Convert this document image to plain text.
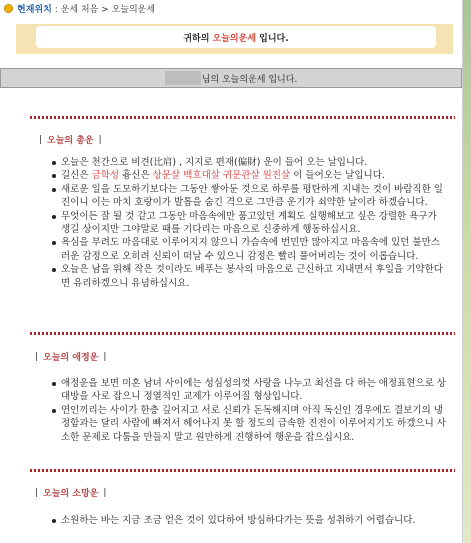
현재위치 : 운세 처음 > 오늘의운세
귀하의
오늘의운세
입니다.
님의 오늘의운세 입니다.
| 오늘의 총운 |
오늘은 천간으로 비견(比肩) , 지지로 편재(偏財) 운이 들어 오는 날입니다.
길신은 금학성 흉신은 상문살 백호대살 귀문관살 원진살 이 들어오는 날입니다.
새로운 일을 도모하기보다는 그동안 쌓아둔 것으로 하루를 평탄하게 지내는 것이 바람직한 일진이니 이는 마치 호랑이가 발톱을 숨긴 격으로 그만큼 운기가 쇠약한 날이라 하겠습니다.
무엇이든 잘 될 것 같고 그동안 마음속에만 품고있던 계획도 실행해보고 싶은 강렬한 욕구가 생길 상이지만 그야말로 때를 기다리는 마음으로 신중하게 행동하십시요.
욕심을 부려도 마음대로 이루어지지 않으니 가슴속에 번민만 많아지고 마음속에 있던 불만스러운 감정으로 오히려 신뢰이 떠날 수 있으니 감정은 빨리 풀어버리는 것이 이롭습니다.
오늘은 남을 위해 작은 것이라도 베푸는 봉사의 마음으로 근신하고 지내면서 후일을 기약한다면 유리하겠으니 유념하십시요.
| 오늘의 애정운 |
애정운을 보면 미혼 남녀 사이에는 성심성의껏 사랑을 나누고 최선을 다 하는 애정표현으로 상대방을 사로 잡으니 정열적인 교제가 이루어질 형상입니다.
연인끼리는 사이가 한층 깊어지고 서로 신뢰가 돈독해지며 아직 독신인 경우에도 결보기의 냉정함과는 달리 사람에 빠져서 헤어나지 못 할 정도의 급속한 진전이 이루어지기도 하겠으니 사소한 문제로 다툼을 만들지 말고 원만하게 진행하여 행운을 잡으십시요.
| 오늘의 소망운 |
소원하는 바는 지금 조금 얻은 것이 있다하여 방심하다가는 뜻을 성취하기 어렵습니다.
